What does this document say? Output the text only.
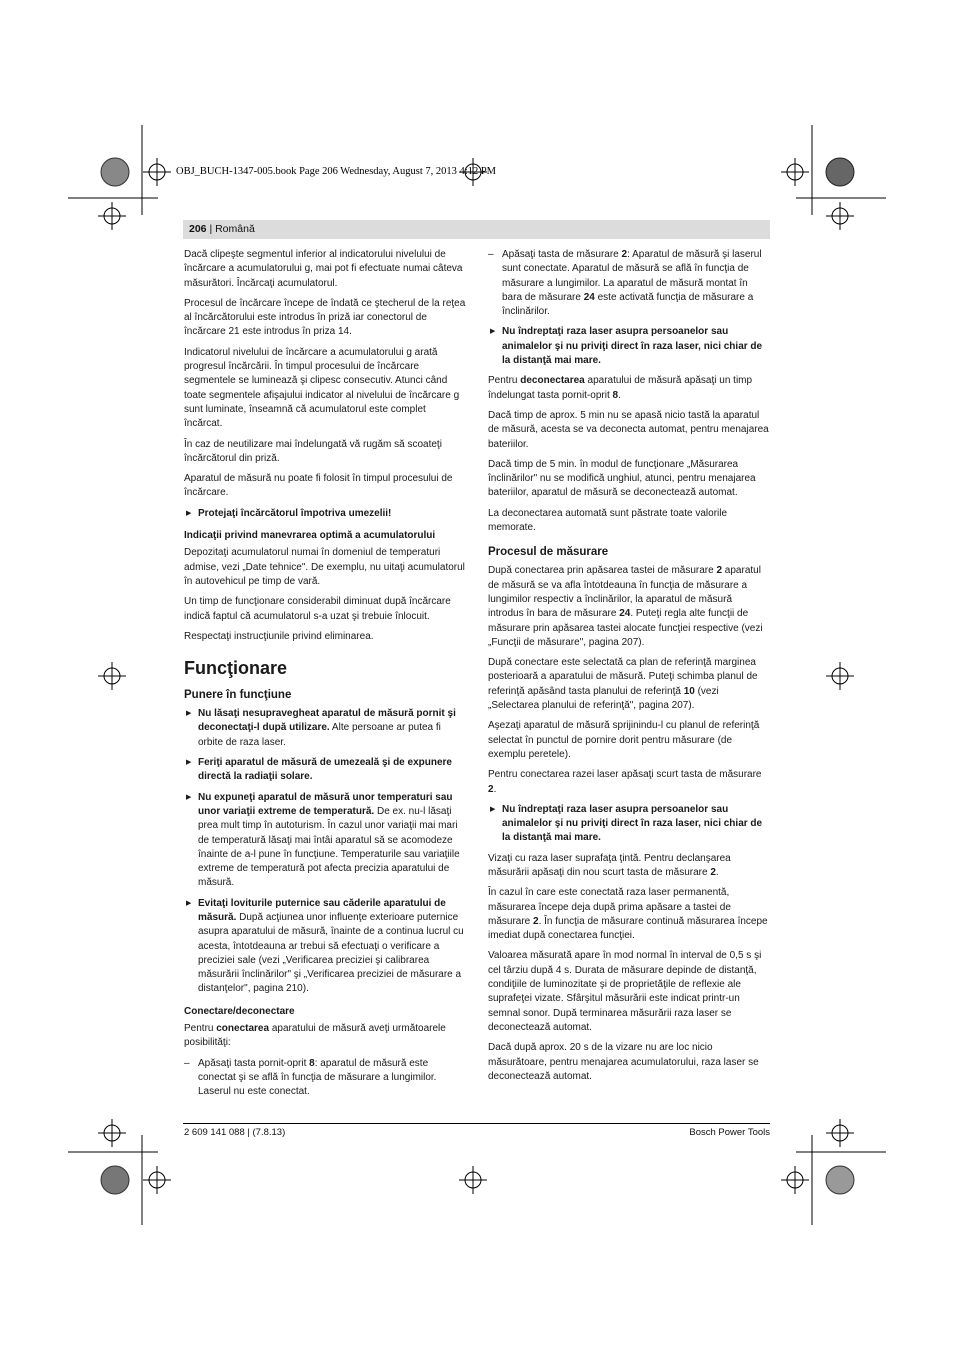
OBJ_BUCH-1347-005.book Page 206 Wednesday, August 7, 2013 4:12 PM
206 | Română

Dacă clipeşte segmentul inferior al indicatorului nivelului de încărcare a acumulatorului g, mai pot fi efectuate numai câteva măsurători. Încărcaţi acumulatorul.

Procesul de încărcare începe de îndată ce ştecherul de la reţea al încărcătorului este introdus în priză iar conectorul de încărcare 21 este introdus în priza 14.

Indicatorul nivelului de încărcare a acumulatorului g arată progresul încărcării. În timpul procesului de încărcare segmentele se luminează şi clipesc consecutiv. Atunci când toate segmentele afişajului indicator al nivelului de încărcare g sunt luminate, înseamnă că acumulatorul este complet încărcat.

În caz de neutilizare mai îndelungată vă rugăm să scoateţi încărcătorul din priză.

Aparatul de măsură nu poate fi folosit în timpul procesului de încărcare.

▶ Protejaţi încărcătorul împotriva umezelii!

Indicaţii privind manevrarea optimă a acumulatorului

Depozitaţi acumulatorul numai în domeniul de temperaturi admise, vezi „Date tehnice". De exemplu, nu uitaţi acumulatorul în autovehicul pe timp de vară.

Un timp de funcţionare considerabil diminuat după încărcare indică faptul că acumulatorul s-a uzat şi trebuie înlocuit.

Respectaţi instrucţiunile privind eliminarea.

Funcţionare
Punere în funcţiune

▶ Nu lăsaţi nesupravegheat aparatul de măsură pornit şi deconectaţi-l după utilizare. Alte persoane ar putea fi orbite de raza laser.

▶ Feriţi aparatul de măsură de umezeală şi de expunere directă la radiaţii solare.

▶ Nu expuneţi aparatul de măsură unor temperaturi sau unor variaţii extreme de temperatură. De ex. nu-l lăsaţi prea mult timp în autoturism. În cazul unor variaţii mai mari de temperatură lăsaţi mai întâi aparatul să se acomodeze înainte de a-l pune în funcţiune. Temperaturile sau variaţiile extreme de temperatură pot afecta precizia aparatului de măsură.

▶ Evitaţi loviturile puternice sau căderile aparatului de măsură. După acţiunea unor influenţe exterioare puternice asupra aparatului de măsură, înainte de a continua lucrul cu acesta, întotdeauna ar trebui să efectuaţi o verificare a preciziei sale (vezi „Verificarea preciziei şi calibrarea măsurării înclinărilor" şi „Verificarea preciziei de măsurare a distanţelor", pagina 210).

Conectare/deconectare

Pentru conectarea aparatului de măsură aveţi următoarele posibilităţi:

– Apăsaţi tasta pornit-oprit 8: aparatul de măsură este conectat şi se află în funcţia de măsurare a lungimilor. Laserul nu este conectat.

– Apăsaţi tasta de măsurare 2: Aparatul de măsură şi laserul sunt conectate. Aparatul de măsură se află în funcţia de măsurare a lungimilor. La aparatul de măsură montat în bara de măsurare 24 este activată funcţia de măsurare a înclinărilor.

▶ Nu îndreptaţi raza laser asupra persoanelor sau animalelor şi nu priviţi direct în raza laser, nici chiar de la distanţă mai mare.

Pentru deconectarea aparatului de măsură apăsaţi un timp îndelungat tasta pornit-oprit 8.

Dacă timp de aprox. 5 min nu se apasă nicio tastă la aparatul de măsură, acesta se va deconecta automat, pentru menajarea bateriilor.

Dacă timp de 5 min. în modul de funcţionare „Măsurarea înclinărilor" nu se modifică unghiul, atunci, pentru menajarea bateriilor, aparatul de măsură se deconectează automat.

La deconectarea automată sunt păstrate toate valorile memorate.

Procesul de măsurare

După conectarea prin apăsarea tastei de măsurare 2 aparatul de măsură se va afla întotdeauna în funcţia de măsurare a lungimilor respectiv a înclinărilor, la aparatul de măsură introdus în bara de măsurare 24. Puteţi regla alte funcţii de măsurare prin apăsarea tastei alocate funcţiei respective (vezi „Funcţii de măsurare", pagina 207).

După conectare este selectată ca plan de referinţă marginea posterioară a aparatului de măsură. Puteţi schimba planul de referinţă apăsând tasta planului de referinţă 10 (vezi „Selectarea planului de referinţă", pagina 207).

Aşezaţi aparatul de măsură sprijinindu-l cu planul de referinţă selectat în punctul de pornire dorit pentru măsurare (de exemplu peretele).

Pentru conectarea razei laser apăsaţi scurt tasta de măsurare 2.

▶ Nu îndreptaţi raza laser asupra persoanelor sau animalelor şi nu priviţi direct în raza laser, nici chiar de la distanţă mai mare.

Vizaţi cu raza laser suprafaţa ţintă. Pentru declanşarea măsurării apăsaţi din nou scurt tasta de măsurare 2.

În cazul în care este conectată raza laser permanentă, măsurarea începe deja după prima apăsare a tastei de măsurare 2. În funcţia de măsurare continuă măsurarea începe imediat după conectarea funcţiei.

Valoarea măsurată apare în mod normal în interval de 0,5 s şi cel târziu după 4 s. Durata de măsurare depinde de distanţă, condiţiile de luminozitate şi de proprietăţile de reflexie ale suprafeţei vizate. Sfârşitul măsurării este indicat printr-un semnal sonor. După terminarea măsurării raza laser se deconectează automat.

Dacă după aprox. 20 s de la vizare nu are loc nicio măsurătoare, pentru menajarea acumulatorului, raza laser se deconectează automat.

2 609 141 088 | (7.8.13)	Bosch Power Tools
